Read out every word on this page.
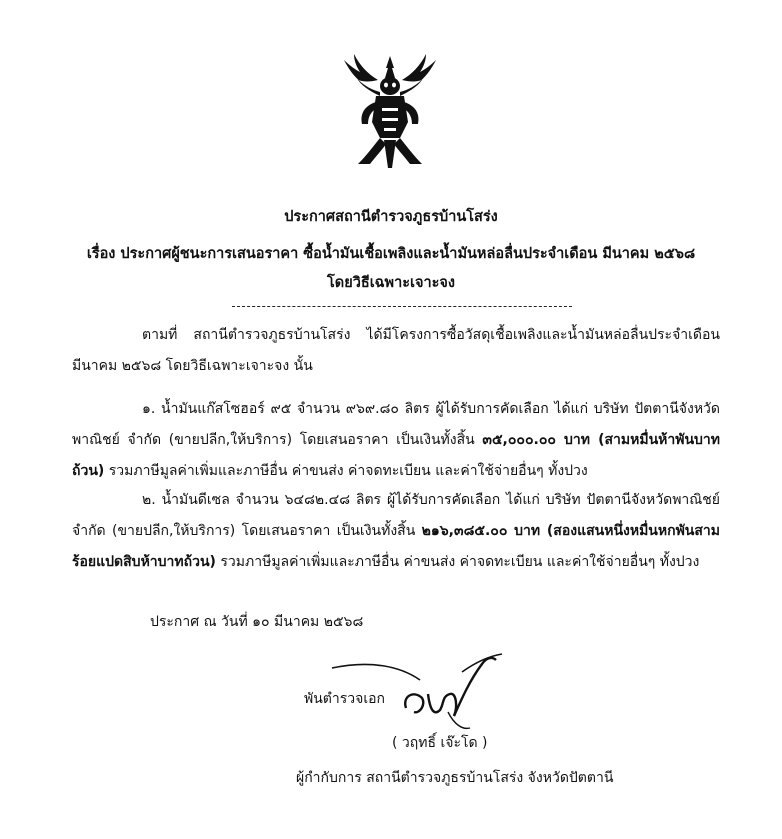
ประกาศสถานีตำรวจภูธรบ้านโสร่ง
เรื่อง ประกาศผู้ชนะการเสนอราคา ซื้อน้ำมันเชื้อเพลิงและน้ำมันหล่อลื่นประจำเดือน มีนาคม ๒๕๖๘
โดยวิธีเฉพาะเจาะจง
ตามที่ สถานีตำรวจภูธรบ้านโสร่ง ได้มีโครงการซื้อวัสดุเชื้อเพลิงและน้ำมันหล่อลื่นประจำเดือน มีนาคม ๒๕๖๘ โดยวิธีเฉพาะเจาะจง นั้น
๑. น้ำมันแก๊สโซฮอร์ ๙๕ จำนวน ๙๖๙.๘๐ ลิตร ผู้ได้รับการคัดเลือก ได้แก่ บริษัท ปัตตานีจังหวัดพาณิชย์ จำกัด (ขายปลีก,ให้บริการ) โดยเสนอราคา เป็นเงินทั้งสิ้น ๓๕,๐๐๐.๐๐ บาท (สามหมื่นห้าพันบาทถ้วน) รวมภาษีมูลค่าเพิ่มและภาษีอื่น ค่าขนส่ง ค่าจดทะเบียน และค่าใช้จ่ายอื่นๆ ทั้งปวง
๒. น้ำมันดีเซล จำนวน ๖๔๘๒.๔๘ ลิตร ผู้ได้รับการคัดเลือก ได้แก่ บริษัท ปัตตานีจังหวัดพาณิชย์ จำกัด (ขายปลีก,ให้บริการ) โดยเสนอราคา เป็นเงินทั้งสิ้น ๒๑๖,๓๘๕.๐๐ บาท (สองแสนหนึ่งหมื่นหกพันสามร้อยแปดสิบห้าบาทถ้วน) รวมภาษีมูลค่าเพิ่มและภาษีอื่น ค่าขนส่ง ค่าจดทะเบียน และค่าใช้จ่ายอื่นๆ ทั้งปวง
ประกาศ ณ วันที่ ๑๐ มีนาคม ๒๕๖๘
พันตำรวจเอก
( วฤทธิ์ เจ๊ะโด )
ผู้กำกับการ สถานีตำรวจภูธรบ้านโสร่ง จังหวัดปัตตานี
